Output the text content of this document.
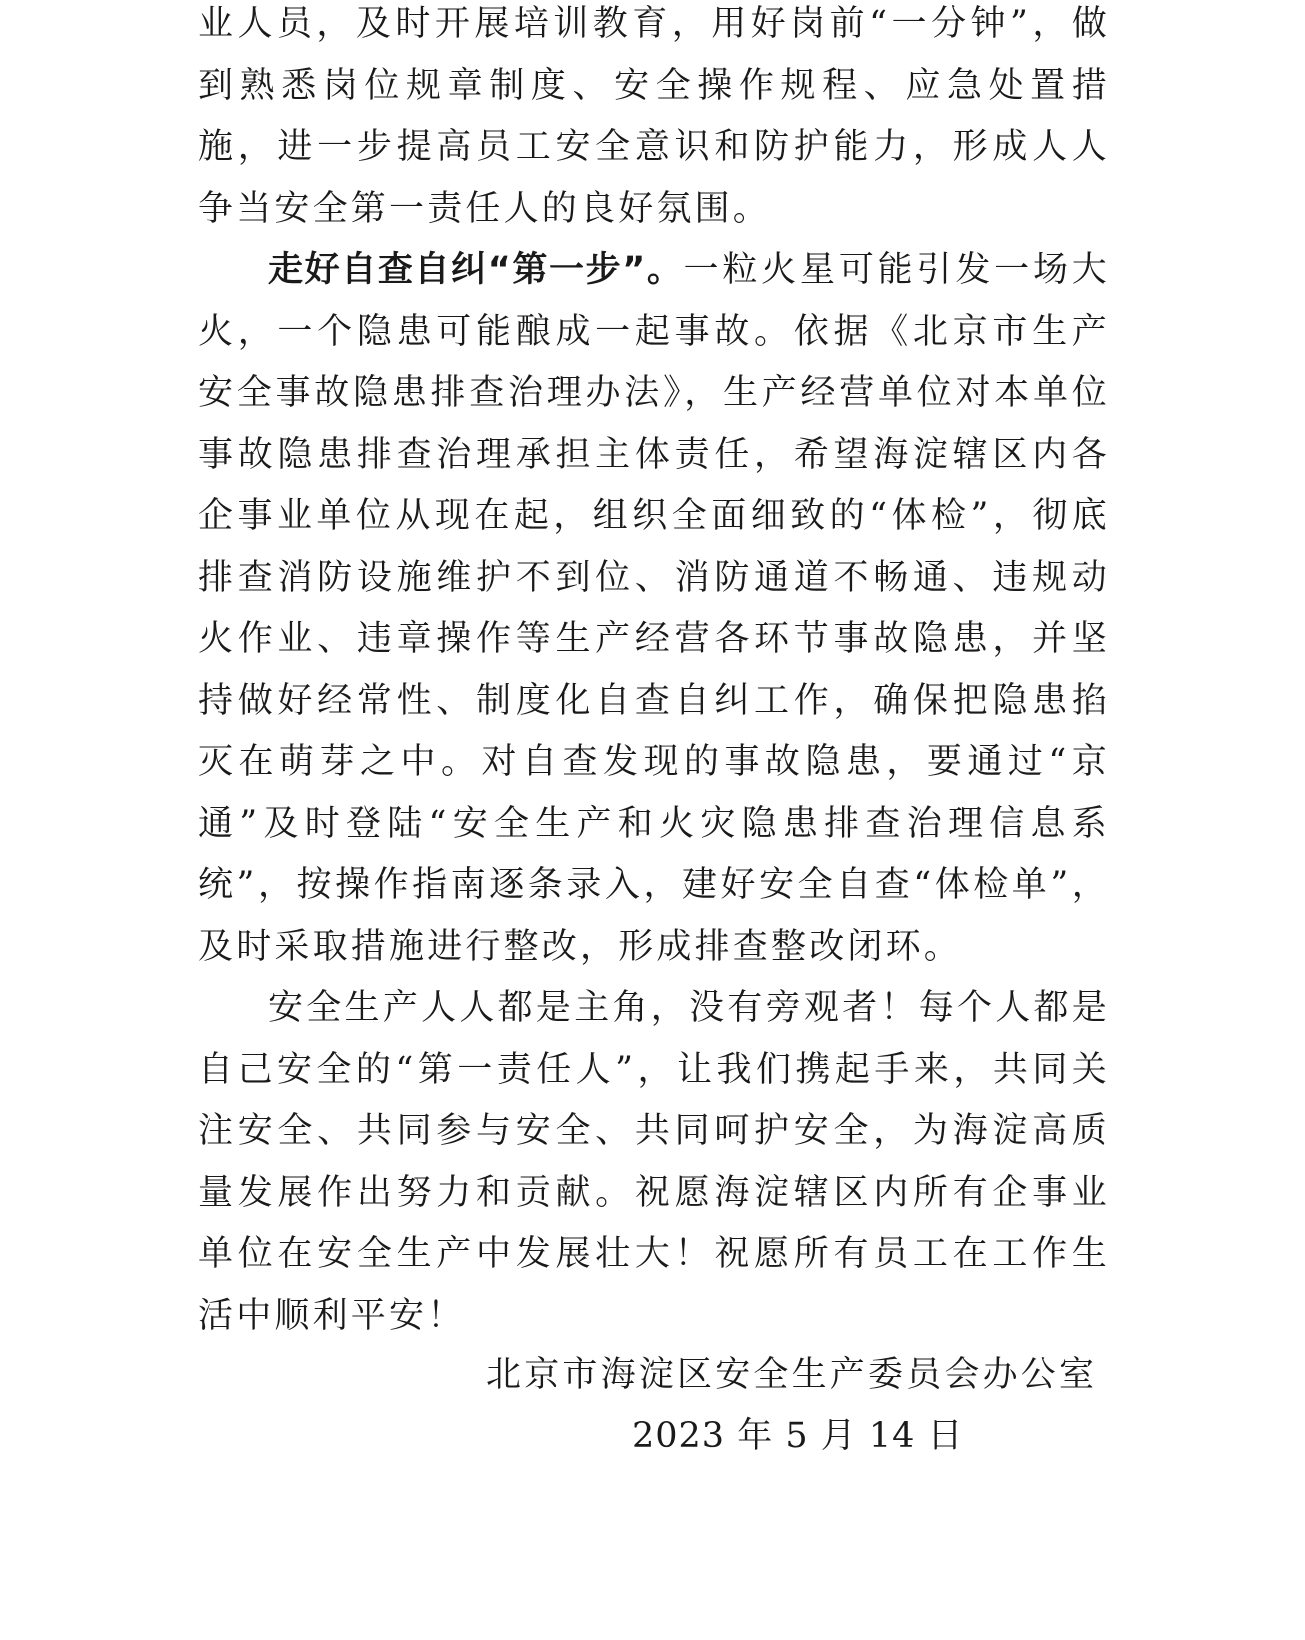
业人员，及时开展培训教育，用好岗前“一分钟”，做到熟悉岗位规章制度、安全操作规程、应急处置措施，进一步提高员工安全意识和防护能力，形成人人争当安全第一责任人的良好氛围。

走好自查自纠“第一步”。一粒火星可能引发一场大火，一个隐患可能酿成一起事故。依据《北京市生产安全事故隐患排查治理办法》，生产经营单位对本单位事故隐患排查治理承担主体责任，希望海淀辖区内各企事业单位从现在起，组织全面细致的“体检”，彻底排查消防设施维护不到位、消防通道不畅通、违规动火作业、违章操作等生产经营各环节事故隐患，并坚持做好经常性、制度化自查自纠工作，确保把隐患掐灭在萌芽之中。对自查发现的事故隐患，要通过“京通”及时登陆“安全生产和火灾隐患排查治理信息系统”，按操作指南逐条录入，建好安全自查“体检单”，及时采取措施进行整改，形成排查整改闭环。

安全生产人人都是主角，没有旁观者！每个人都是自己安全的“第一责任人”，让我们携起手来，共同关注安全、共同参与安全、共同呵护安全，为海淀高质量发展作出努力和贡献。祝愿海淀辖区内所有企事业单位在安全生产中发展壮大！祝愿所有员工在工作生活中顺利平安！

北京市海淀区安全生产委员会办公室
2023 年 5 月 14 日
